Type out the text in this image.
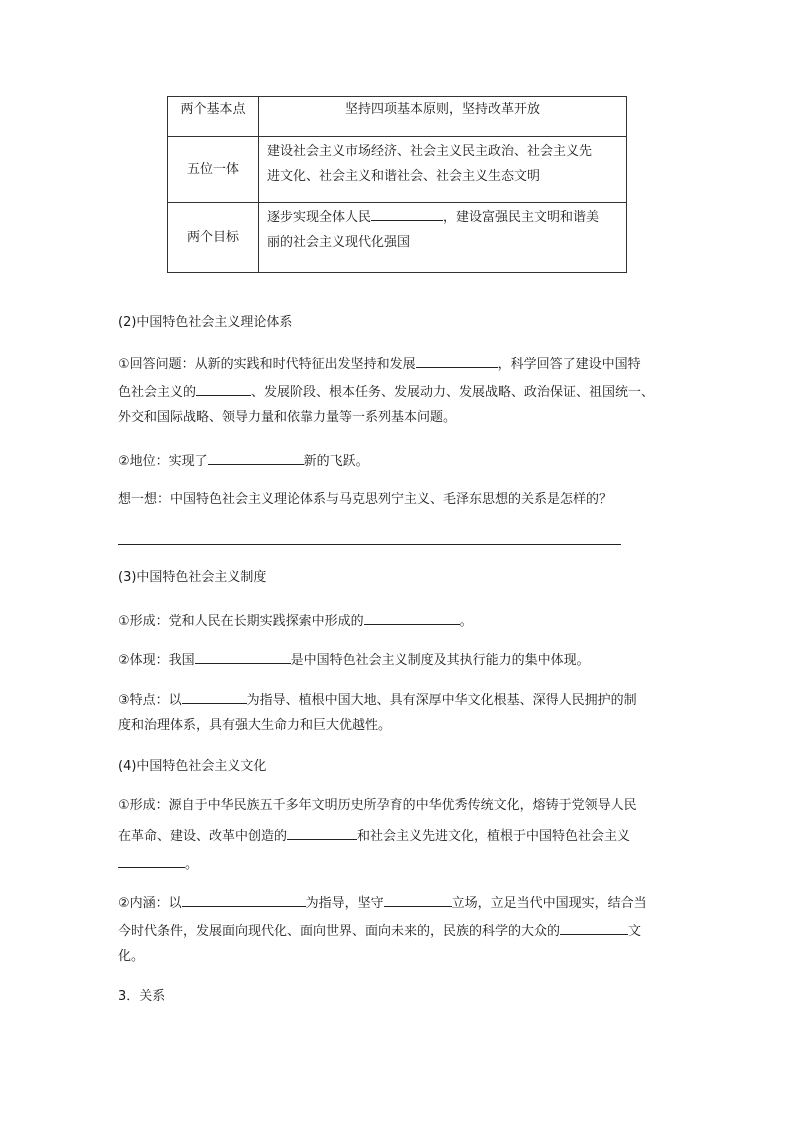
两个基本点	坚持四项基本原则，坚持改革开放
五位一体	建设社会主义市场经济、社会主义民主政治、社会主义先
进文化、社会主义和谐社会、社会主义生态文明

两个目标	逐步实现全体人民 ，建设富强民主文明和谐美
丽的社会主义现代化强国
(2)中国特色社会主义理论体系
①回答问题：从新的实践和时代特征出发坚持和发展	，科学回答了建设中国特
色社会主义的	、发展阶段、根本任务、发展动力、发展战略、政治保证、祖国统一、
外交和国际战略、领导力量和依靠力量等一系列基本问题。
②地位：实现了	新的飞跃。
想一想：中国特色社会主义理论体系与马克思列宁主义、毛泽东思想的关系是怎样的？
(3)中国特色社会主义制度
①形成：党和人民在长期实践探索中形成的	。
②体现：我国	是中国特色社会主义制度及其执行能力的集中体现。
③特点：以	为指导、植根中国大地、具有深厚中华文化根基、深得人民拥护的制
度和治理体系，具有强大生命力和巨大优越性。
(4)中国特色社会主义文化
①形成：源自于中华民族五千多年文明历史所孕育的中华优秀传统文化，熔铸于党领导人民
在革命、建设、改革中创造的	和社会主义先进文化，植根于中国特色社会主义
。
②内涵：以	为指导，坚守	立场，立足当代中国现实，结合当
今时代条件，发展面向现代化、面向世界、面向未来的，民族的科学的大众的	文
化。
3．关系
